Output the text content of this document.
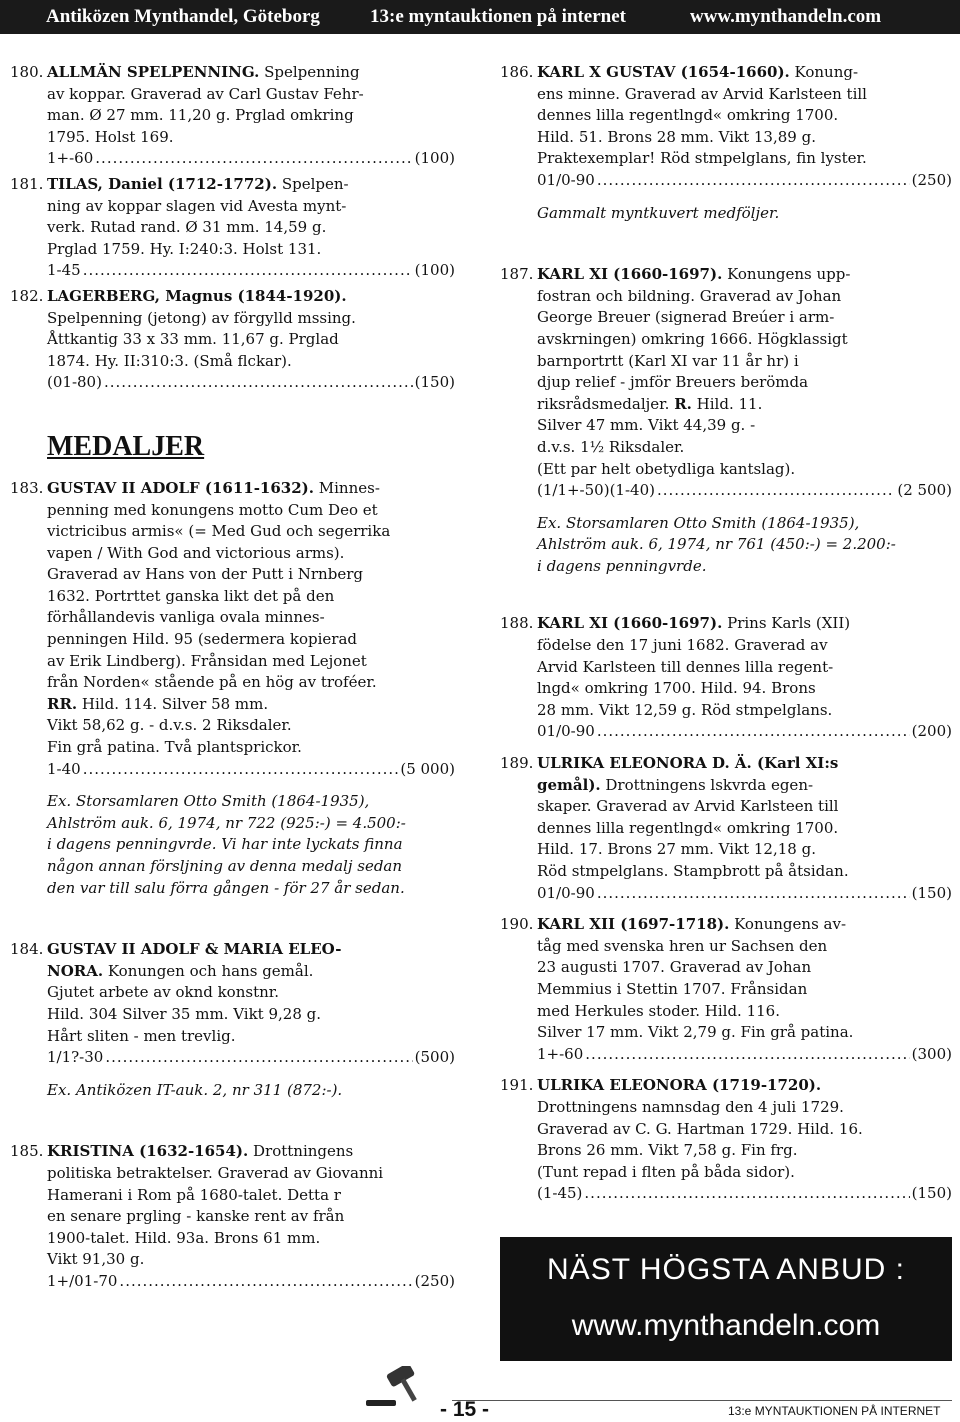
Antiközen Mynthandel, Göteborg	13:e myntauktionen på internet	www.mynthandeln.com
180. ALLMÄN SPELPENNING. Spelpenning
av koppar. Graverad av Carl Gustav Fehr-
man. Ø 27 mm. 11,20 g. Prglad omkring
1795. Holst 169.
1+-60 .....	(100)
181. TILAS, Daniel (1712-1772). Spelpen-
ning av koppar slagen vid Avesta mynt-
verk. Rutad rand. Ø 31 mm. 14,59 g.
Prglad 1759. Hy. I:240:3. Holst 131.
1-45 .....	(100)
182. LAGERBERG, Magnus (1844-1920).
Spelpenning (jetong) av förgylld mssing.
Åttkantig 33 x 33 mm. 11,67 g. Prglad
1874. Hy. II:310:3. (Små flckar).
(01-80) .....	(150)
MEDALJER
183. GUSTAV II ADOLF (1611-1632). Minnes-
penning med konungens motto Cum Deo et
victricibus armis« (= Med Gud och segerrika
vapen / With God and victorious arms).
Graverad av Hans von der Putt i Nrnberg
1632. Portrttet ganska likt det på den
förhållandevis vanliga ovala minnes-
penningen Hild. 95 (sedermera kopierad
av Erik Lindberg). Frånsidan med Lejonet
från Norden« stående på en hög av troféer.
RR. Hild. 114. Silver 58 mm.
Vikt 58,62 g. - d.v.s. 2 Riksdaler.
Fin grå patina. Två plantsprickor.
1-40 .....	(5 000)
Ex. Storsamlaren Otto Smith (1864-1935),
Ahlström auk. 6, 1974, nr 722 (925:-) = 4.500:-
i dagens penningvrde. Vi har inte lyckats finna
någon annan försljning av denna medalj sedan
den var till salu förra gången - för 27 år sedan.
184. GUSTAV II ADOLF & MARIA ELEO-
NORA. Konungen och hans gemål.
Gjutet arbete av oknd konstnr.
Hild. 304 Silver 35 mm. Vikt 9,28 g.
Hårt sliten - men trevlig.
1/1?-30 .....	(500)
Ex. Antiközen IT-auk. 2, nr 311 (872:-).
185. KRISTINA (1632-1654). Drottningens
politiska betraktelser. Graverad av Giovanni
Hamerani i Rom på 1680-talet. Detta r
en senare prgling - kanske rent av från
1900-talet. Hild. 93a. Brons 61 mm.
Vikt 91,30 g.
1+/01-70 .....	(250)
186. KARL X GUSTAV (1654-1660). Konung-
ens minne. Graverad av Arvid Karlsteen till
dennes lilla regentlngd« omkring 1700.
Hild. 51. Brons 28 mm. Vikt 13,89 g.
Praktexemplar! Röd stmpelglans, fin lyster.
01/0-90 .....	(250)
Gammalt myntkuvert medföljer.
187. KARL XI (1660-1697). Konungens upp-
fostran och bildning. Graverad av Johan
George Breuer (signerad Breúer i arm-
avskrningen) omkring 1666. Högklassigt
barnportrtt (Karl XI var 11 år hr) i
djup relief - jmför Breuers berömda
riksrådsmedaljer. R. Hild. 11.
Silver 47 mm. Vikt 44,39 g. -
d.v.s. 1½ Riksdaler.
(Ett par helt obetydliga kantslag).
(1/1+-50)(1-40) .....	(2 500)
Ex. Storsamlaren Otto Smith (1864-1935),
Ahlström auk. 6, 1974, nr 761 (450:-) = 2.200:-
i dagens penningvrde.
188. KARL XI (1660-1697). Prins Karls (XII)
födelse den 17 juni 1682. Graverad av
Arvid Karlsteen till dennes lilla regent-
lngd« omkring 1700. Hild. 94. Brons
28 mm. Vikt 12,59 g. Röd stmpelglans.
01/0-90 .....	(200)
189. ULRIKA ELEONORA D. Ä. (Karl XI:s
gemål). Drottningens lskvrda egen-
skaper. Graverad av Arvid Karlsteen till
dennes lilla regentlngd« omkring 1700.
Hild. 17. Brons 27 mm. Vikt 12,18 g.
Röd stmpelglans. Stampbrott på åtsidan.
01/0-90 .....	(150)
190. KARL XII (1697-1718). Konungens av-
tåg med svenska hren ur Sachsen den
23 augusti 1707. Graverad av Johan
Memmius i Stettin 1707. Frånsidan
med Herkules stoder. Hild. 116.
Silver 17 mm. Vikt 2,79 g. Fin grå patina.
1+-60 .....	(300)
191. ULRIKA ELEONORA (1719-1720).
Drottningens namnsdag den 4 juli 1729.
Graverad av C. G. Hartman 1729. Hild. 16.
Brons 26 mm. Vikt 7,58 g. Fin frg.
(Tunt repad i flten på båda sidor).
(1-45) .....	(150)
NÄST HÖGSTA ANBUD :
www.mynthandeln.com
- 15 -	13:e MYNTAUKTIONEN PÅ INTERNET
